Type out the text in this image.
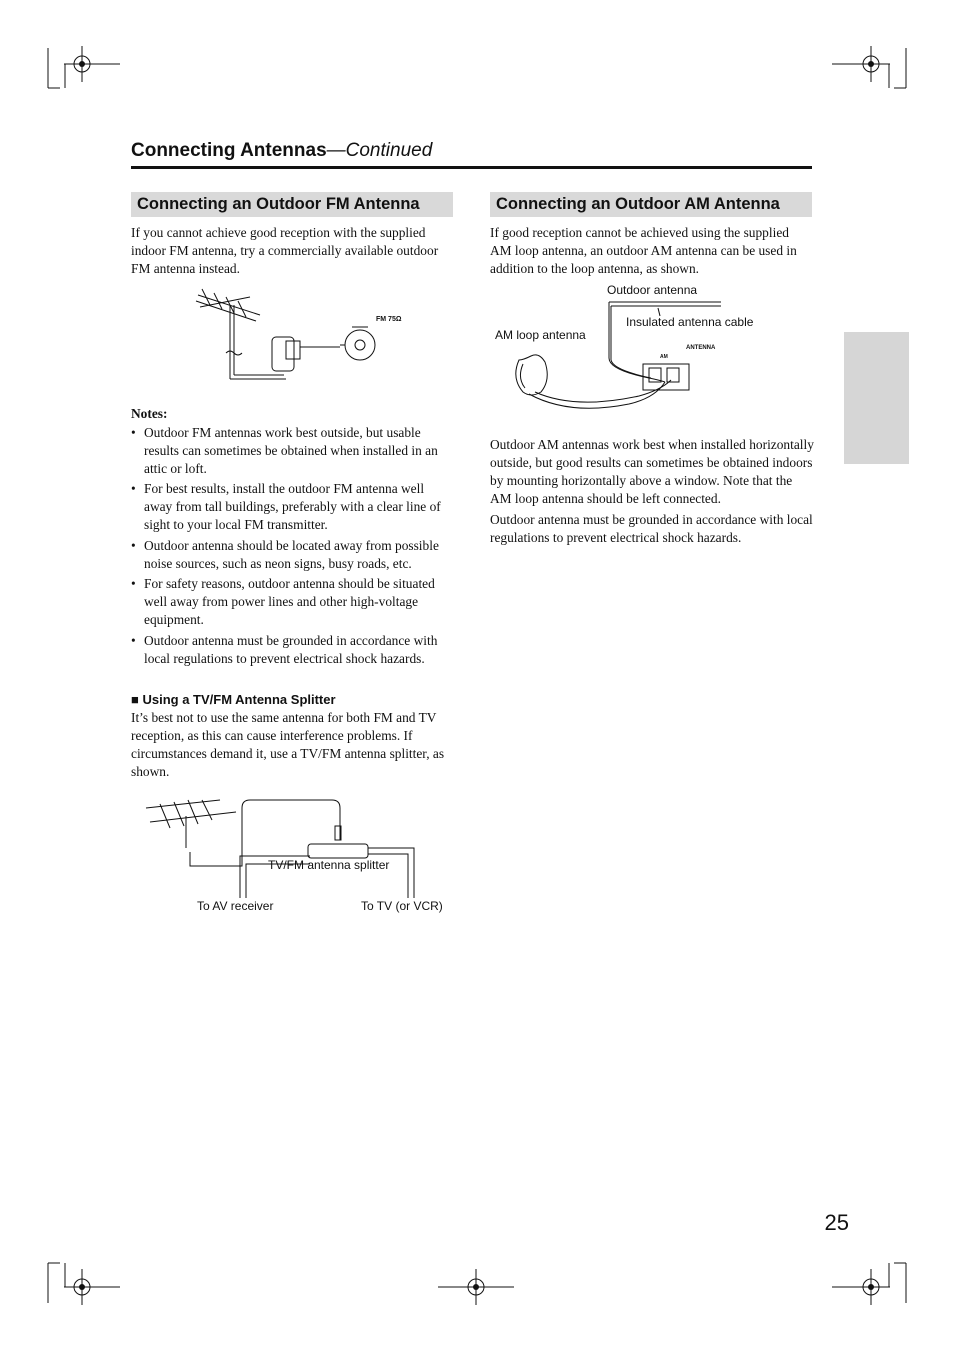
Connecting Antennas—Continued
Connecting an Outdoor FM Antenna
If you cannot achieve good reception with the supplied indoor FM antenna, try a commercially available outdoor FM antenna instead.
FM 75Ω
Notes:
• Outdoor FM antennas work best outside, but usable results can sometimes be obtained when installed in an attic or loft.
• For best results, install the outdoor FM antenna well away from tall buildings, preferably with a clear line of sight to your local FM transmitter.
• Outdoor antenna should be located away from possible noise sources, such as neon signs, busy roads, etc.
• For safety reasons, outdoor antenna should be situated well away from power lines and other high-voltage equipment.
• Outdoor antenna must be grounded in accordance with local regulations to prevent electrical shock hazards.
■ Using a TV/FM Antenna Splitter
It’s best not to use the same antenna for both FM and TV reception, as this can cause interference problems. If circumstances demand it, use a TV/FM antenna splitter, as shown.
TV/FM antenna splitter
To AV receiver	To TV (or VCR)
Connecting an Outdoor AM Antenna
If good reception cannot be achieved using the supplied AM loop antenna, an outdoor AM antenna can be used in addition to the loop antenna, as shown.
Outdoor antenna
Insulated antenna cable
AM loop antenna
AM
ANTENNA
Outdoor AM antennas work best when installed horizontally outside, but good results can sometimes be obtained indoors by mounting horizontally above a window. Note that the AM loop antenna should be left connected.
Outdoor antenna must be grounded in accordance with local regulations to prevent electrical shock hazards.
25
